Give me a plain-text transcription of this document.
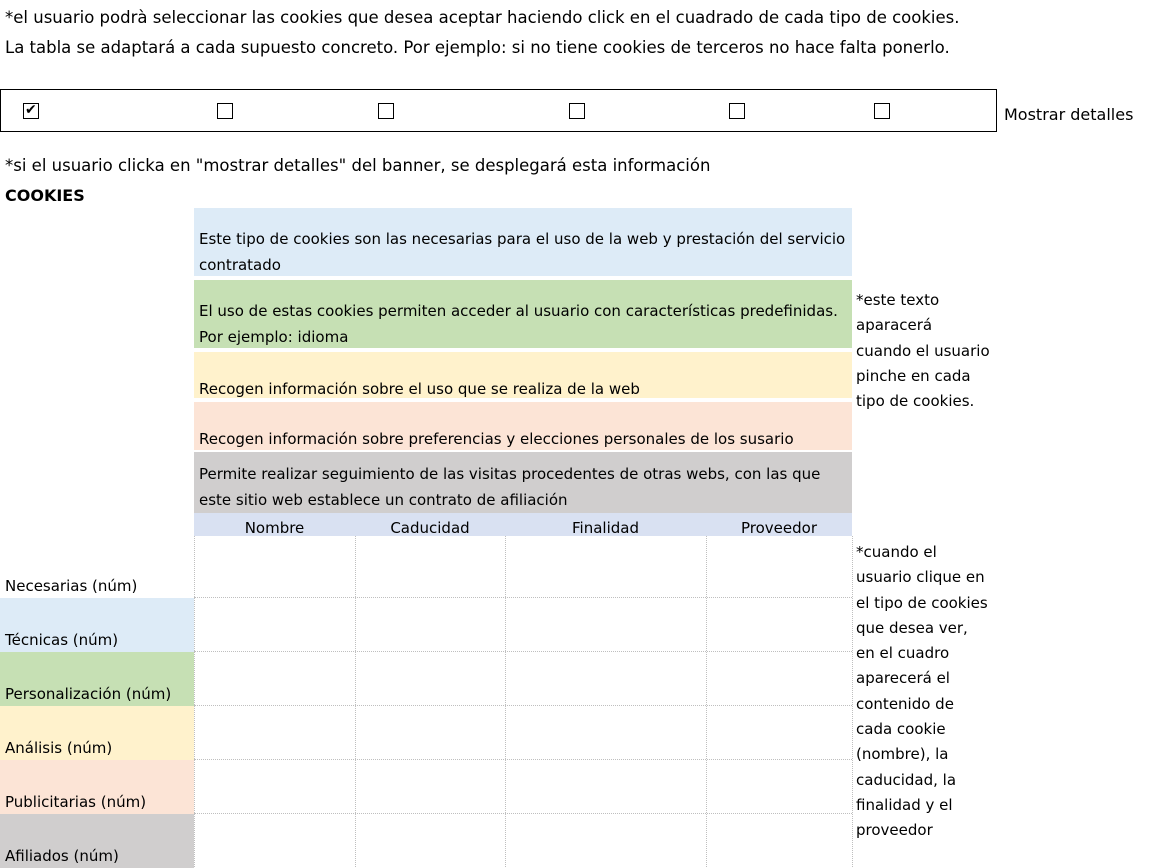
*el usuario podrà seleccionar las cookies que desea aceptar haciendo click en el cuadrado de cada tipo de cookies.
La tabla se adaptará a cada supuesto concreto. Por ejemplo: si no tiene cookies de terceros no hace falta ponerlo.
✔	Mostrar detalles
*si el usuario clicka en "mostrar detalles" del banner, se desplegará esta información
COOKIES
Este tipo de cookies son las necesarias para el uso de la web y prestación del servicio contratado
El uso de estas cookies permiten acceder al usuario con características predefinidas. Por ejemplo: idioma
Recogen información sobre el uso que se realiza de la web
Recogen información sobre preferencias y elecciones personales de los susario
Permite realizar seguimiento de las visitas procedentes de otras webs, con las que este sitio web establece un contrato de afiliación
*este texto aparacerá cuando el usuario pinche en cada tipo de cookies.
Nombre	Caducidad	Finalidad	Proveedor
Necesarias (núm)
Técnicas (núm)
Personalización (núm)
Análisis (núm)
Publicitarias (núm)
Afiliados (núm)
*cuando el usuario clique en el tipo de cookies que desea ver, en el cuadro aparecerá el contenido de cada cookie (nombre), la caducidad, la finalidad y el proveedor
